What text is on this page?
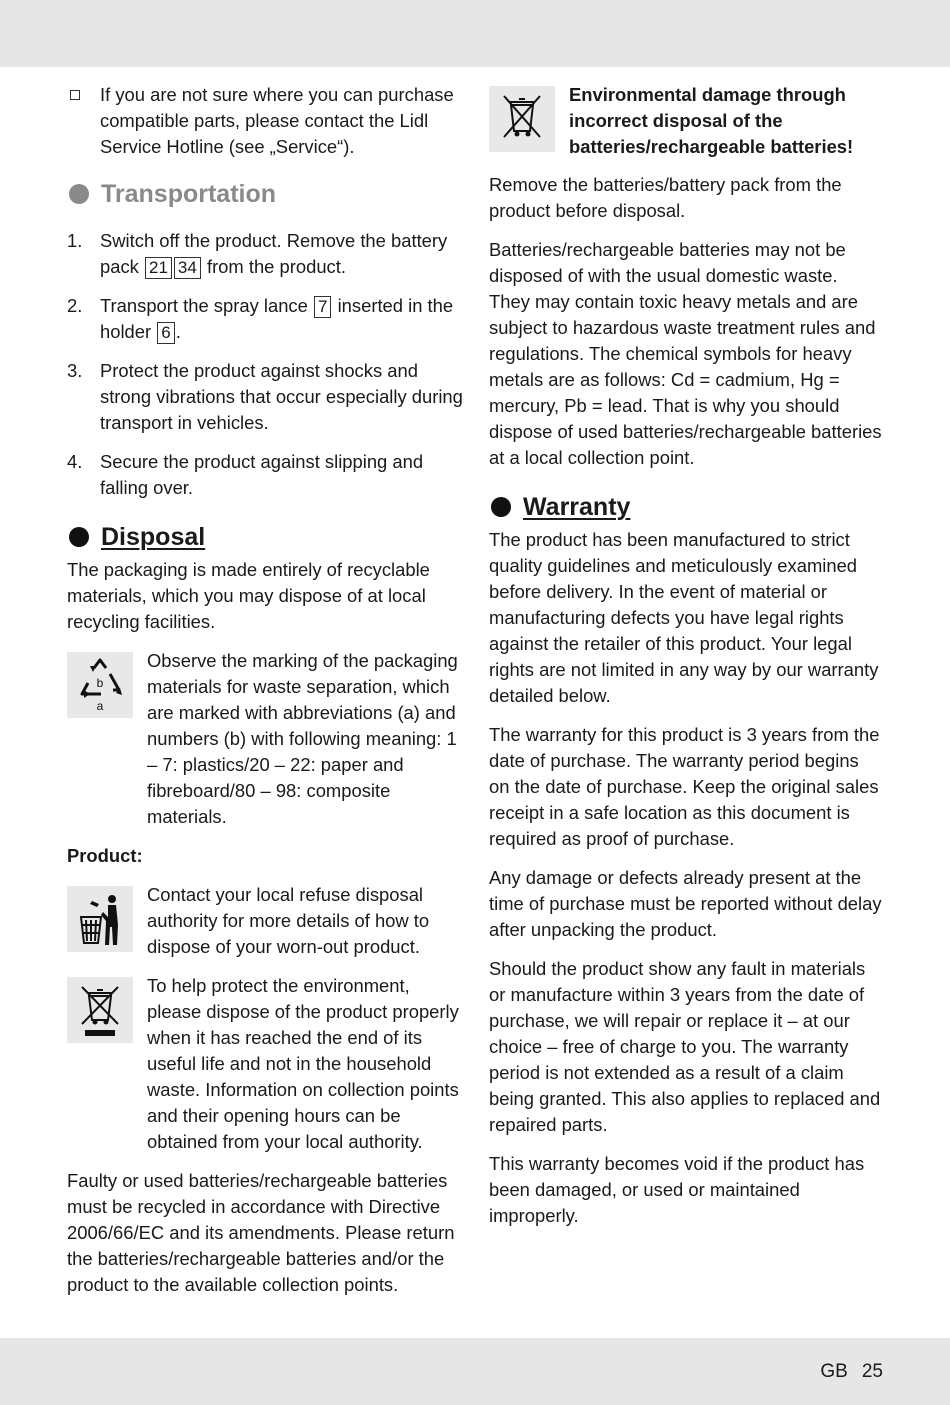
If you are not sure where you can purchase compatible parts, please contact the Lidl Service Hotline (see „Service“).

Transportation
1. Switch off the product. Remove the battery pack 21 34 from the product.
2. Transport the spray lance 7 inserted in the holder 6 .
3. Protect the product against shocks and strong vibrations that occur especially during transport in vehicles.
4. Secure the product against slipping and falling over.
Disposal

The packaging is made entirely of recyclable materials, which you may dispose of at local recycling facilities.

b
a

Observe the marking of the packaging materials for waste separation, which are marked with abbreviations (a) and numbers (b) with following meaning: 1 – 7: plastics/20 – 22: paper and fibreboard/80 – 98: composite materials.

Product:

Contact your local refuse disposal authority for more details of how to dispose of your worn-out product.

To help protect the environment, please dispose of the product properly when it has reached the end of its useful life and not in the household waste. Information on collection points and their opening hours can be obtained from your local authority.

Faulty or used batteries/rechargeable batteries must be recycled in accordance with Directive 2006/66/EC and its amendments. Please return the batteries/rechargeable batteries and/or the product to the available collection points.

Environmental damage through incorrect disposal of the batteries/rechargeable batteries!

Remove the batteries/battery pack from the product before disposal.

Batteries/rechargeable batteries may not be disposed of with the usual domestic waste. They may contain toxic heavy metals and are subject to hazardous waste treatment rules and regulations. The chemical symbols for heavy metals are as follows: Cd = cadmium, Hg = mercury, Pb = lead. That is why you should dispose of used batteries/rechargeable batteries at a local collection point.

Warranty

The product has been manufactured to strict quality guidelines and meticulously examined before delivery. In the event of material or manufacturing defects you have legal rights against the retailer of this product. Your legal rights are not limited in any way by our warranty detailed below.

The warranty for this product is 3 years from the date of purchase. The warranty period begins on the date of purchase. Keep the original sales receipt in a safe location as this document is required as proof of purchase.

Any damage or defects already present at the time of purchase must be reported without delay after unpacking the product.

Should the product show any fault in materials or manufacture within 3 years from the date of purchase, we will repair or replace it – at our choice – free of charge to you. The warranty period is not extended as a result of a claim being granted. This also applies to replaced and repaired parts.

This warranty becomes void if the product has been damaged, or used or maintained improperly.

GB 25
